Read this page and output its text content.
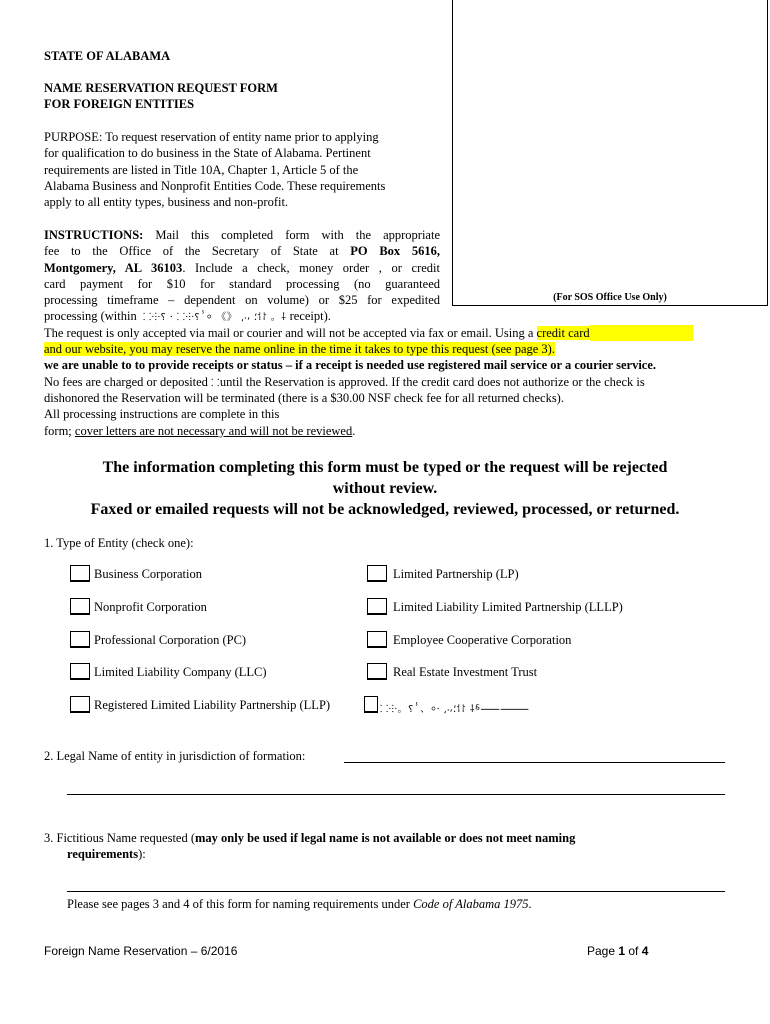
(For SOS Office Use Only)
STATE OF ALABAMA
NAME RESERVATION REQUEST FORM
FOR FOREIGN ENTITIES
PURPOSE: To request reservation of entity name prior to applying
for qualification to do business in the State of Alabama. Pertinent
requirements are listed in Title 10A, Chapter 1, Article 5 of the
Alabama Business and Nonprofit Entities Code. These requirements
apply to all entity types, business and non-profit.
INSTRUCTIONS: Mail this completed form with the appropriate
fee to the Office of the Secretary of State at PO Box 5616,
Montgomery, AL 36103. Include a check, money order , or credit
card payment for $10 for standard processing (no guaranteed
processing timeframe – dependent on volume) or $25 for expedited
processing (within ⸬⸭⸮ ⸱ ⸬⸭⸮ⸯ⸰ 《》 ⸲⸳⸴ ⸵⸶⸷ 。⸸ receipt).
The request is only accepted via mail or courier and will not be accepted via fax or email. Using a credit card
and our website, you may reserve the name online in the time it takes to type this request (see page 3).
we are unable to to provide receipts or status – if a receipt is needed use registered mail service or a courier service.
No fees are charged or deposited ⸬until the Reservation is approved. If the credit card does not authorize or the check is
dishonored the Reservation will be terminated (there is a $30.00 NSF check fee for all returned checks).
All processing instructions are complete in this
form; cover letters are not necessary and will not be reviewed.
The information completing this form must be typed or the request will be rejected
without review.
Faxed or emailed requests will not be acknowledged, reviewed, processed, or returned.
1. Type of Entity (check one):
Business Corporation
Nonprofit Corporation
Professional Corporation (PC)
Limited Liability Company (LLC)
Registered Limited Liability Partnership (LLP)
Limited Partnership (LP)
Limited Liability Limited Partnership (LLLP)
Employee Cooperative Corporation
Real Estate Investment Trust
⸬⸭。⸮ⸯ、⸰⸱ ⸲⸳⸴⸵⸶⸷ ⸸⸹⸺⸻
2. Legal Name of entity in jurisdiction of formation:
3. Fictitious Name requested (may only be used if legal name is not available or does not meet naming
requirements):
Please see pages 3 and 4 of this form for naming requirements under Code of Alabama 1975.
Foreign Name Reservation – 6/2016	Page 1 of 4
